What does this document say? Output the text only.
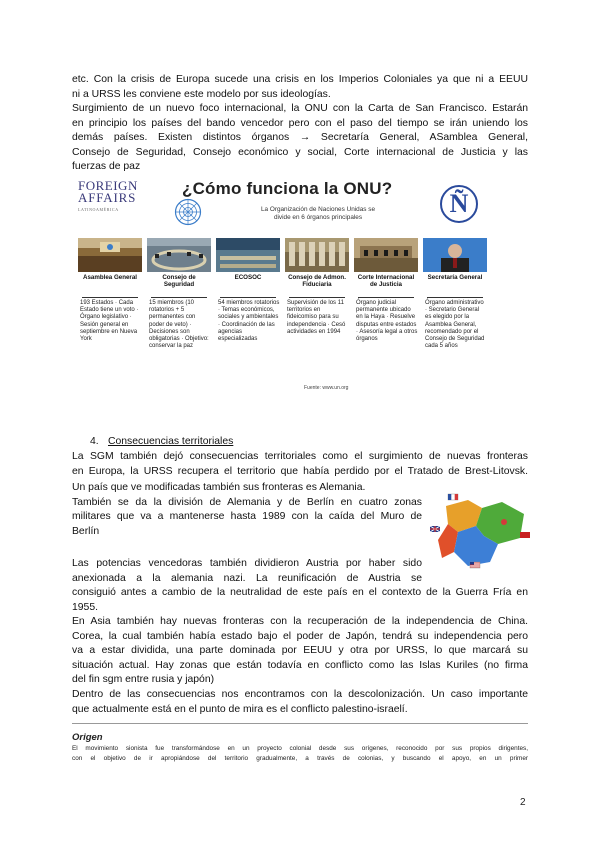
etc. Con la crisis de Europa sucede una crisis en los Imperios Coloniales ya que ni a EEUU
ni a URSS les conviene este modelo por sus ideologías.
Surgimiento de un nuevo foco internacional, la ONU con la Carta de San Francisco. Estarán
en principio los países del bando vencedor pero con el paso del tiempo se irán uniendo los
demás países. Existen distintos órganos → Secretaría General, ASamblea General,
Consejo de Seguridad, Consejo económico y social, Corte internacional de Justicia y las
fuerzas de paz
FOREIGN
AFFAIRS
LATINOAMÉRICA
¿Cómo funciona la ONU?
La Organización de Naciones Unidas se
divide en 6 órganos principales	Ñ
Asamblea General	Consejo de Seguridad
ECOSOC	Consejo de Admon. Fiduciaria
Corte Internacional de Justicia
Secretaría General
193 Estados · Cada Estado tiene un voto · Órgano legislativo · Sesión general en septiembre en Nueva York
15 miembros (10 rotatorios + 5 permanentes con poder de veto) · Decisiones son obligatorias · Objetivo: conservar la paz
54 miembros rotatorios · Temas económicos, sociales y ambientales · Coordinación de las agencias especializadas
Supervisión de los 11 territorios en fideicomiso para su independencia · Cesó actividades en 1994
Órgano judicial permanente ubicado en la Haya · Resuelve disputas entre estados · Asesoría legal a otros órganos
Órgano administrativo · Secretario General es elegido por la Asamblea General, recomendado por el Consejo de Seguridad cada 5 años
Fuente: www.un.org
4. Consecuencias territoriales
La SGM también dejó consecuencias territoriales como el surgimiento de nuevas fronteras
en Europa, la URSS recupera el territorio que había perdido por el Tratado de Brest-Litovsk.
Un país que ve modificadas también sus fronteras es Alemania.
También se da la división de Alemania y de Berlín en cuatro zonas
militares que va a mantenerse hasta 1989 con la caída del Muro de
Berlín
Las potencias vencedoras también dividieron Austria por haber sido
anexionada a la alemania nazi. La reunificación de Austria se
consiguió antes a cambio de la neutralidad de este país en el contexto de la Guerra Fría en
1955.
En Asia también hay nuevas fronteras con la recuperación de la independencia de China.
Corea, la cual también había estado bajo el poder de Japón, tendrá su independencia pero
va a estar dividida, una parte dominada por EEUU y otra por URSS, lo que marcará su
situación actual. Hay zonas que están todavía en conflicto como las Islas Kuriles (no firma
del fin sgm entre rusia y japón)
Dentro de las consecuencias nos encontramos con la descolonización. Un caso importante
que actualmente está en el punto de mira es el conflicto palestino-israelí.
Origen
El movimiento sionista fue transformándose en un proyecto colonial desde sus orígenes, reconocido por sus propios dirigentes,
con el objetivo de ir apropiándose del territorio gradualmente, a través de colonias, y buscando el apoyo, en un primer
2
